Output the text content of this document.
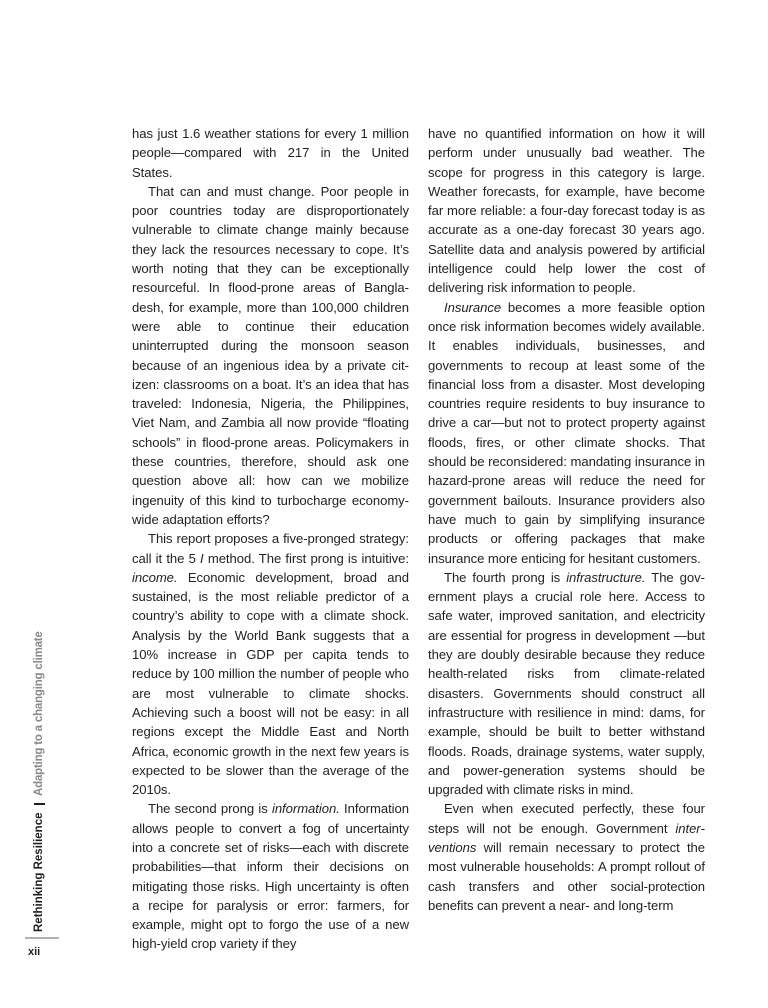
has just 1.6 weather stations for every 1 million people—compared with 217 in the United States.

That can and must change. Poor people in poor countries today are disproportionately vulnerable to climate change mainly because they lack the resources necessary to cope. It’s worth noting that they can be exceptionally resourceful. In flood-prone areas of Bangladesh, for example, more than 100,000 children were able to continue their education uninterrupted during the monsoon season because of an ingenious idea by a private citizen: classrooms on a boat. It’s an idea that has traveled: Indonesia, Nigeria, the Philippines, Viet Nam, and Zambia all now provide “floating schools” in flood-prone areas. Policymakers in these countries, therefore, should ask one question above all: how can we mobilize ingenuity of this kind to turbocharge economy-wide adaptation efforts?

This report proposes a five-pronged strategy: call it the 5 I method. The first prong is intuitive: income. Economic development, broad and sustained, is the most reliable predictor of a country’s ability to cope with a climate shock. Analysis by the World Bank suggests that a 10% increase in GDP per capita tends to reduce by 100 million the number of people who are most vulnerable to climate shocks. Achieving such a boost will not be easy: in all regions except the Middle East and North Africa, economic growth in the next few years is expected to be slower than the average of the 2010s.

The second prong is information. Information allows people to convert a fog of uncertainty into a concrete set of risks—each with discrete probabilities—that inform their decisions on mitigating those risks. High uncertainty is often a recipe for paralysis or error: farmers, for example, might opt to forgo the use of a new high-yield crop variety if they

have no quantified information on how it will perform under unusually bad weather. The scope for progress in this category is large. Weather forecasts, for example, have become far more reliable: a four-day forecast today is as accurate as a one-day forecast 30 years ago. Satellite data and analysis powered by artificial intelligence could help lower the cost of delivering risk information to people.

Insurance becomes a more feasible option once risk information becomes widely available. It enables individuals, businesses, and governments to recoup at least some of the financial loss from a disaster. Most developing countries require residents to buy insurance to drive a car—but not to protect property against floods, fires, or other climate shocks. That should be reconsidered: mandating insurance in hazard-prone areas will reduce the need for government bailouts. Insurance providers also have much to gain by simplifying insurance products or offering packages that make insurance more enticing for hesitant customers.

The fourth prong is infrastructure. The government plays a crucial role here. Access to safe water, improved sanitation, and electricity are essential for progress in development —but they are doubly desirable because they reduce health-related risks from climate-related disasters. Governments should construct all infrastructure with resilience in mind: dams, for example, should be built to better withstand floods. Roads, drainage systems, water supply, and power-generation systems should be upgraded with climate risks in mind.

Even when executed perfectly, these four steps will not be enough. Government interventions will remain necessary to protect the most vulnerable households: A prompt rollout of cash transfers and other social-protection benefits can prevent a near- and long-term

Rethinking Resilience
Adapting to a changing climate
xii
